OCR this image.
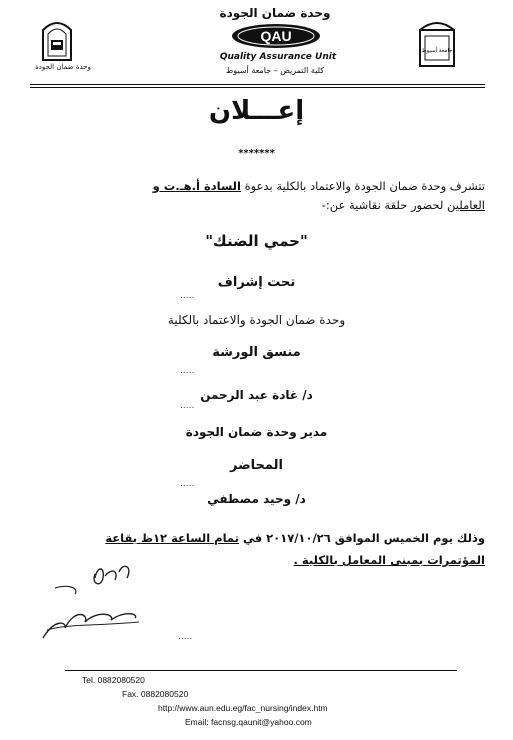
وحدة ضمان الجودة
وحدة ضمان الجودة
QAU
Quality Assurance Unit
كلية التمريض – جامعة أسيوط
جامعة أسيوط
إعـــلان
*******
تتشرف وحدة ضمان الجودة والاعتماد بالكلية بدعوة السادة أ.هـ.ت و
العاملين لحضور حلقة نقاشية عن:-
"حمي الضنك"
تحت إشراف
.....
وحدة ضمان الجودة والاعتماد بالكلية
منسق الورشة
.....
د/ غادة عبد الرحمن
.....
مدير وحدة ضمان الجودة
المحاضر
.....
د/ وحيد مصطفي
وذلك يوم الخميس الموافق ٢٠١٧/١٠/٢٦ في تمام الساعة ١٢ظ بقاعة
المؤتمرات بمبنى المعامل بالكلية .
.....
Tel. 0882080520
Fax. 0882080520
http://www.aun.edu.eg/fac_nursing/index.htm
Email: facnsg.qaunit@yahoo.com
